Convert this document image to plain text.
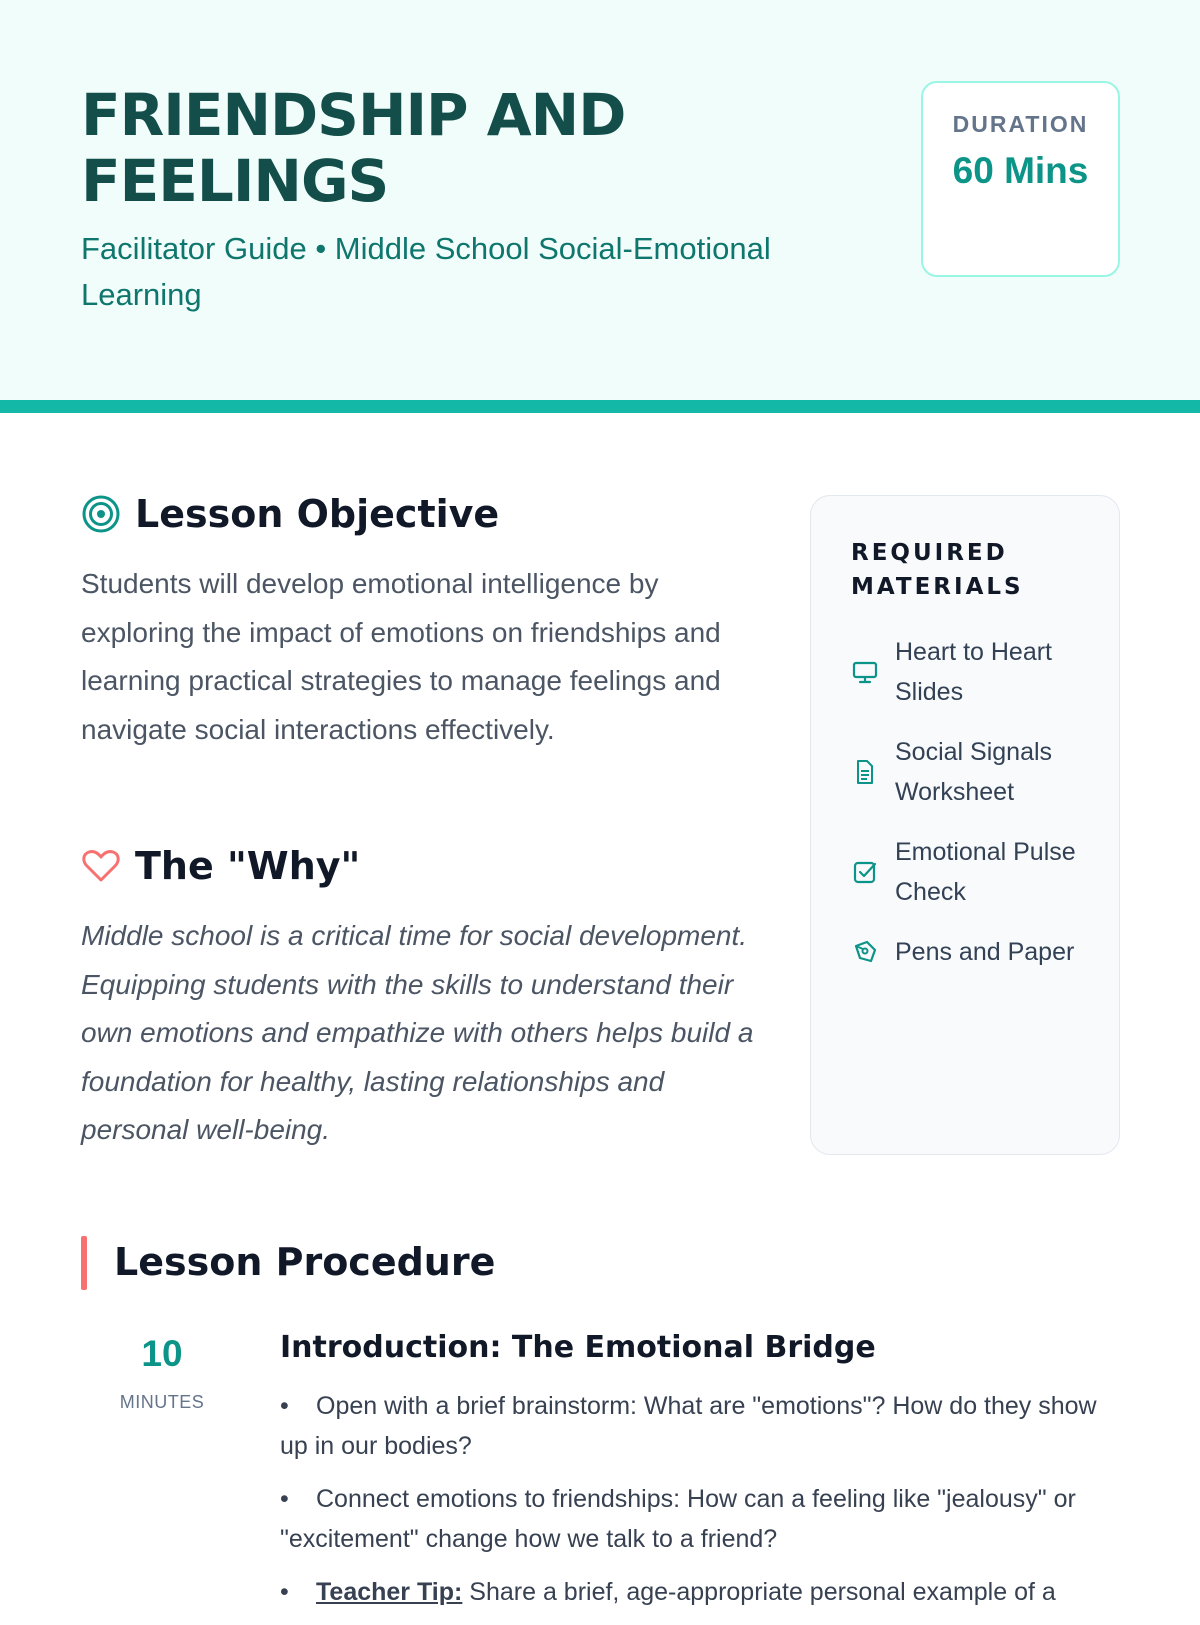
FRIENDSHIP AND FEELINGS
Facilitator Guide • Middle School Social-Emotional Learning
DURATION
60 Mins
Lesson Objective

Students will develop emotional intelligence by exploring the impact of emotions on friendships and learning practical strategies to manage feelings and navigate social interactions effectively.

The "Why"

Middle school is a critical time for social development. Equipping students with the skills to understand their own emotions and empathize with others helps build a foundation for healthy, lasting relationships and personal well-being.

REQUIRED MATERIALS
Heart to Heart Slides
Social Signals Worksheet
Emotional Pulse Check
Pens and Paper
Lesson Procedure
10
MINUTES
Introduction: The Emotional Bridge
• Open with a brief brainstorm: What are "emotions"? How do they show up in our bodies?
• Connect emotions to friendships: How can a feeling like "jealousy" or "excitement" change how we talk to a friend?
• Teacher Tip: Share a brief, age-appropriate personal example of a
